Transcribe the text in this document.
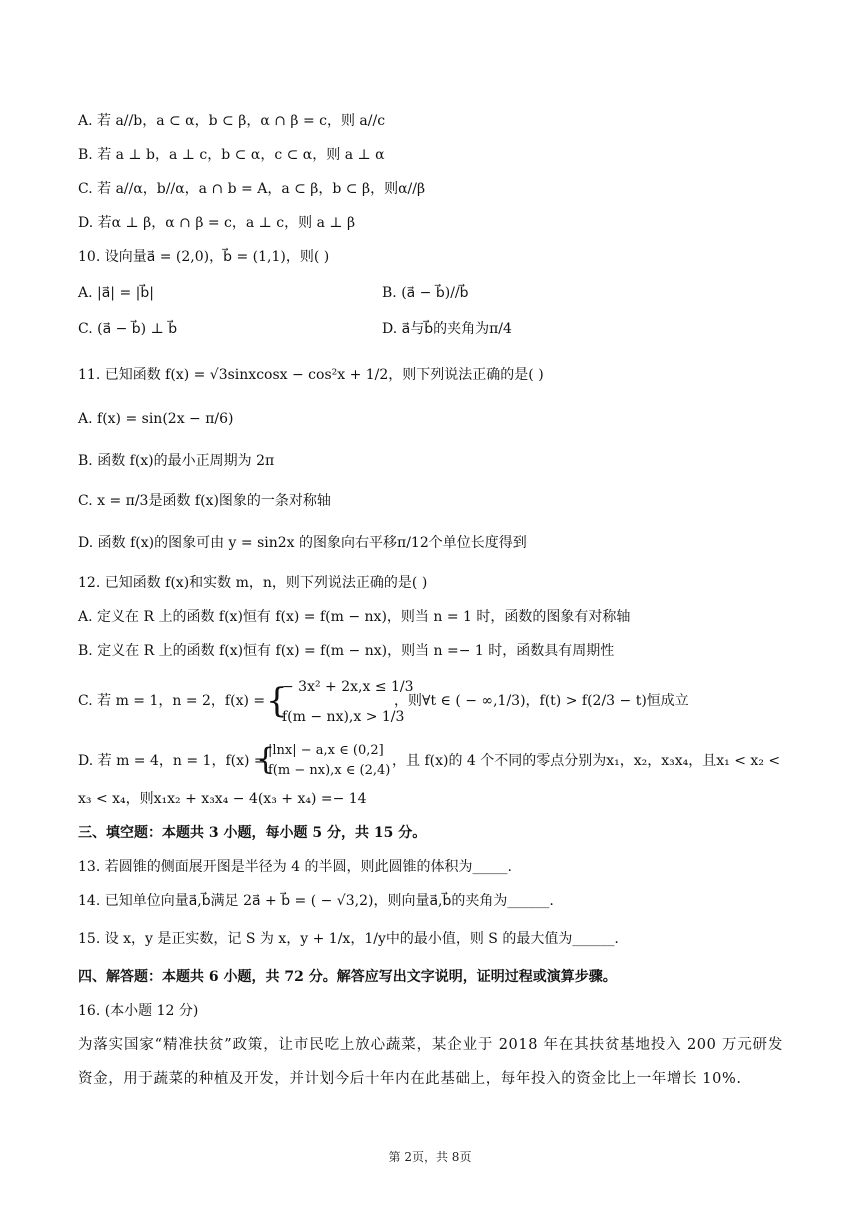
A. 若 a//b，a ⊂ α，b ⊂ β，α ∩ β = c，则 a//c
B. 若 a ⊥ b，a ⊥ c，b ⊂ α，c ⊂ α，则 a ⊥ α
C. 若 a//α，b//α，a ∩ b = A，a ⊂ β，b ⊂ β，则α//β
D. 若α ⊥ β，α ∩ β = c，a ⊥ c，则 a ⊥ β
10. 设向量a⃗ = (2,0)，b⃗ = (1,1)，则( )
A. |a⃗| = |b⃗|	B. (a⃗ − b⃗)//b⃗
C. (a⃗ − b⃗) ⊥ b⃗	D. a⃗与b⃗的夹角为π/4
11. 已知函数 f(x) = √3sinxcosx − cos²x + 1/2，则下列说法正确的是( )
A. f(x) = sin(2x − π/6)
B. 函数 f(x)的最小正周期为 2π
C. x = π/3是函数 f(x)图象的一条对称轴
D. 函数 f(x)的图象可由 y = sin2x 的图象向右平移π/12个单位长度得到
12. 已知函数 f(x)和实数 m，n，则下列说法正确的是( )
A. 定义在 R 上的函数 f(x)恒有 f(x) = f(m − nx)，则当 n = 1 时，函数的图象有对称轴
B. 定义在 R 上的函数 f(x)恒有 f(x) = f(m − nx)，则当 n =− 1 时，函数具有周期性
C. 若 m = 1，n = 2，f(x) = {
− 3x² + 2x,x ≤ 1/3
f(m − nx),x > 1/3
，则∀t ∈ ( − ∞,1/3)，f(t) > f(2/3 − t)恒成立
D. 若 m = 4，n = 1，f(x) =
{
|lnx| − a,x ∈ (0,2]
f(m − nx),x ∈ (2,4)
，且 f(x)的 4 个不同的零点分别为x₁，x₂，x₃x₄，且x₁ < x₂ <
x₃ < x₄，则x₁x₂ + x₃x₄ − 4(x₃ + x₄) =− 14
三、填空题：本题共 3 小题，每小题 5 分，共 15 分。
13. 若圆锥的侧面展开图是半径为 4 的半圆，则此圆锥的体积为_____.
14. 已知单位向量a⃗,b⃗满足 2a⃗ + b⃗ = ( − √3,2)，则向量a⃗,b⃗的夹角为______.
15. 设 x，y 是正实数，记 S 为 x，y + 1/x，1/y中的最小值，则 S 的最大值为______.
四、解答题：本题共 6 小题，共 72 分。解答应写出文字说明，证明过程或演算步骤。
16. (本小题 12 分)
为落实国家“精准扶贫”政策，让市民吃上放心蔬菜，某企业于 2018 年在其扶贫基地投入 200 万元研发资金，用于蔬菜的种植及开发，并计划今后十年内在此基础上，每年投入的资金比上一年增长 10%.
第 2页，共 8页
